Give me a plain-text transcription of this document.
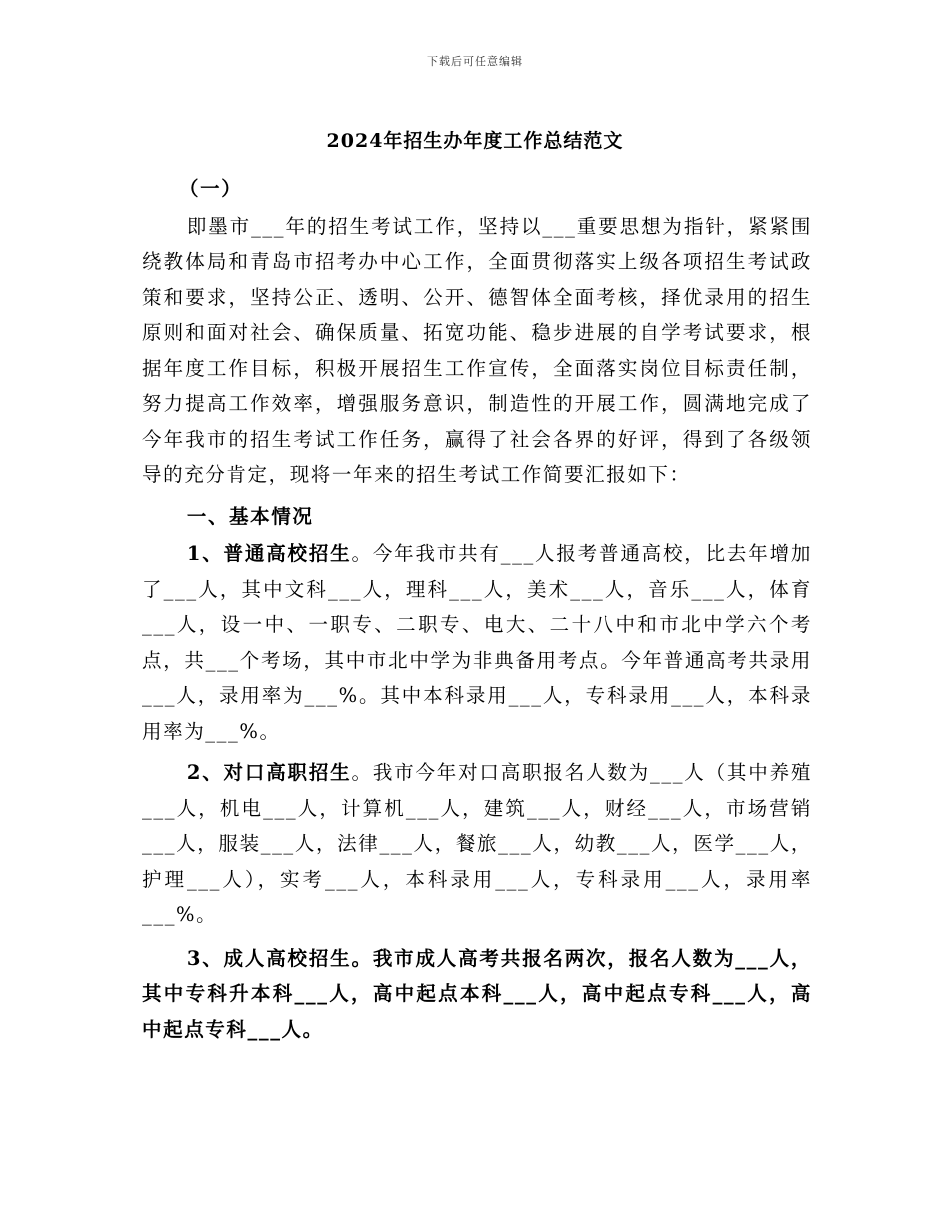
下载后可任意编辑
2024年招生办年度工作总结范文

（一）

即墨市___年的招生考试工作，坚持以___重要思想为指针，紧紧围绕教体局和青岛市招考办中心工作，全面贯彻落实上级各项招生考试政策和要求，坚持公正、透明、公开、德智体全面考核，择优录用的招生原则和面对社会、确保质量、拓宽功能、稳步进展的自学考试要求，根据年度工作目标，积极开展招生工作宣传，全面落实岗位目标责任制，努力提高工作效率，增强服务意识，制造性的开展工作，圆满地完成了今年我市的招生考试工作任务，赢得了社会各界的好评，得到了各级领导的充分肯定，现将一年来的招生考试工作简要汇报如下：

一、基本情况

1、普通高校招生。今年我市共有___人报考普通高校，比去年增加了___人，其中文科___人，理科___人，美术___人，音乐___人，体育___人，设一中、一职专、二职专、电大、二十八中和市北中学六个考点，共___个考场，其中市北中学为非典备用考点。今年普通高考共录用___人，录用率为___%。其中本科录用___人，专科录用___人，本科录用率为___%。

2、对口高职招生。我市今年对口高职报名人数为___人（其中养殖___人，机电___人，计算机___人，建筑___人，财经___人，市场营销___人，服装___人，法律___人，餐旅___人，幼教___人，医学___人，护理___人），实考___人，本科录用___人，专科录用___人，录用率___%。

3、成人高校招生。我市成人高考共报名两次，报名人数为___人，其中专科升本科___人，高中起点本科___人，高中起点专科___人，高中起点专科___人。
